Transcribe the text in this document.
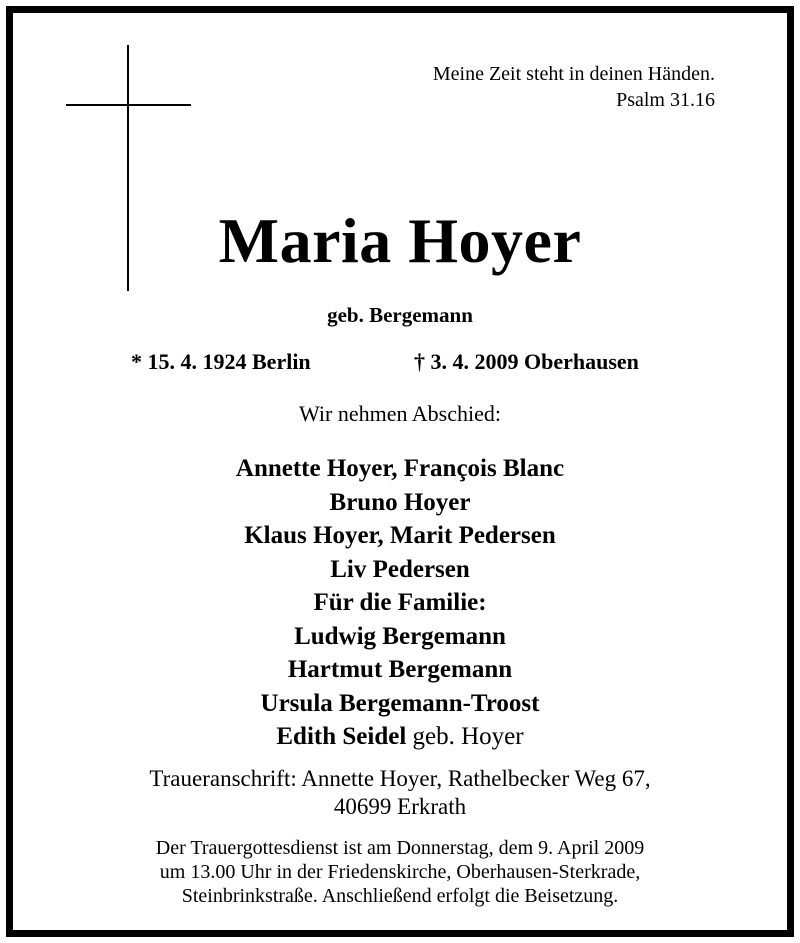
Meine Zeit steht in deinen Händen.
Psalm 31.16
Maria Hoyer
geb. Bergemann
* 15. 4. 1924 Berlin	† 3. 4. 2009 Oberhausen
Wir nehmen Abschied:
Annette Hoyer, François Blanc
Bruno Hoyer
Klaus Hoyer, Marit Pedersen
Liv Pedersen
Für die Familie:
Ludwig Bergemann
Hartmut Bergemann
Ursula Bergemann-Troost
Edith Seidel geb. Hoyer
Traueranschrift: Annette Hoyer, Rathelbecker Weg 67,
40699 Erkrath
Der Trauergottesdienst ist am Donnerstag, dem 9. April 2009
um 13.00 Uhr in der Friedenskirche, Oberhausen-Sterkrade,
Steinbrinkstraße. Anschließend erfolgt die Beisetzung.
